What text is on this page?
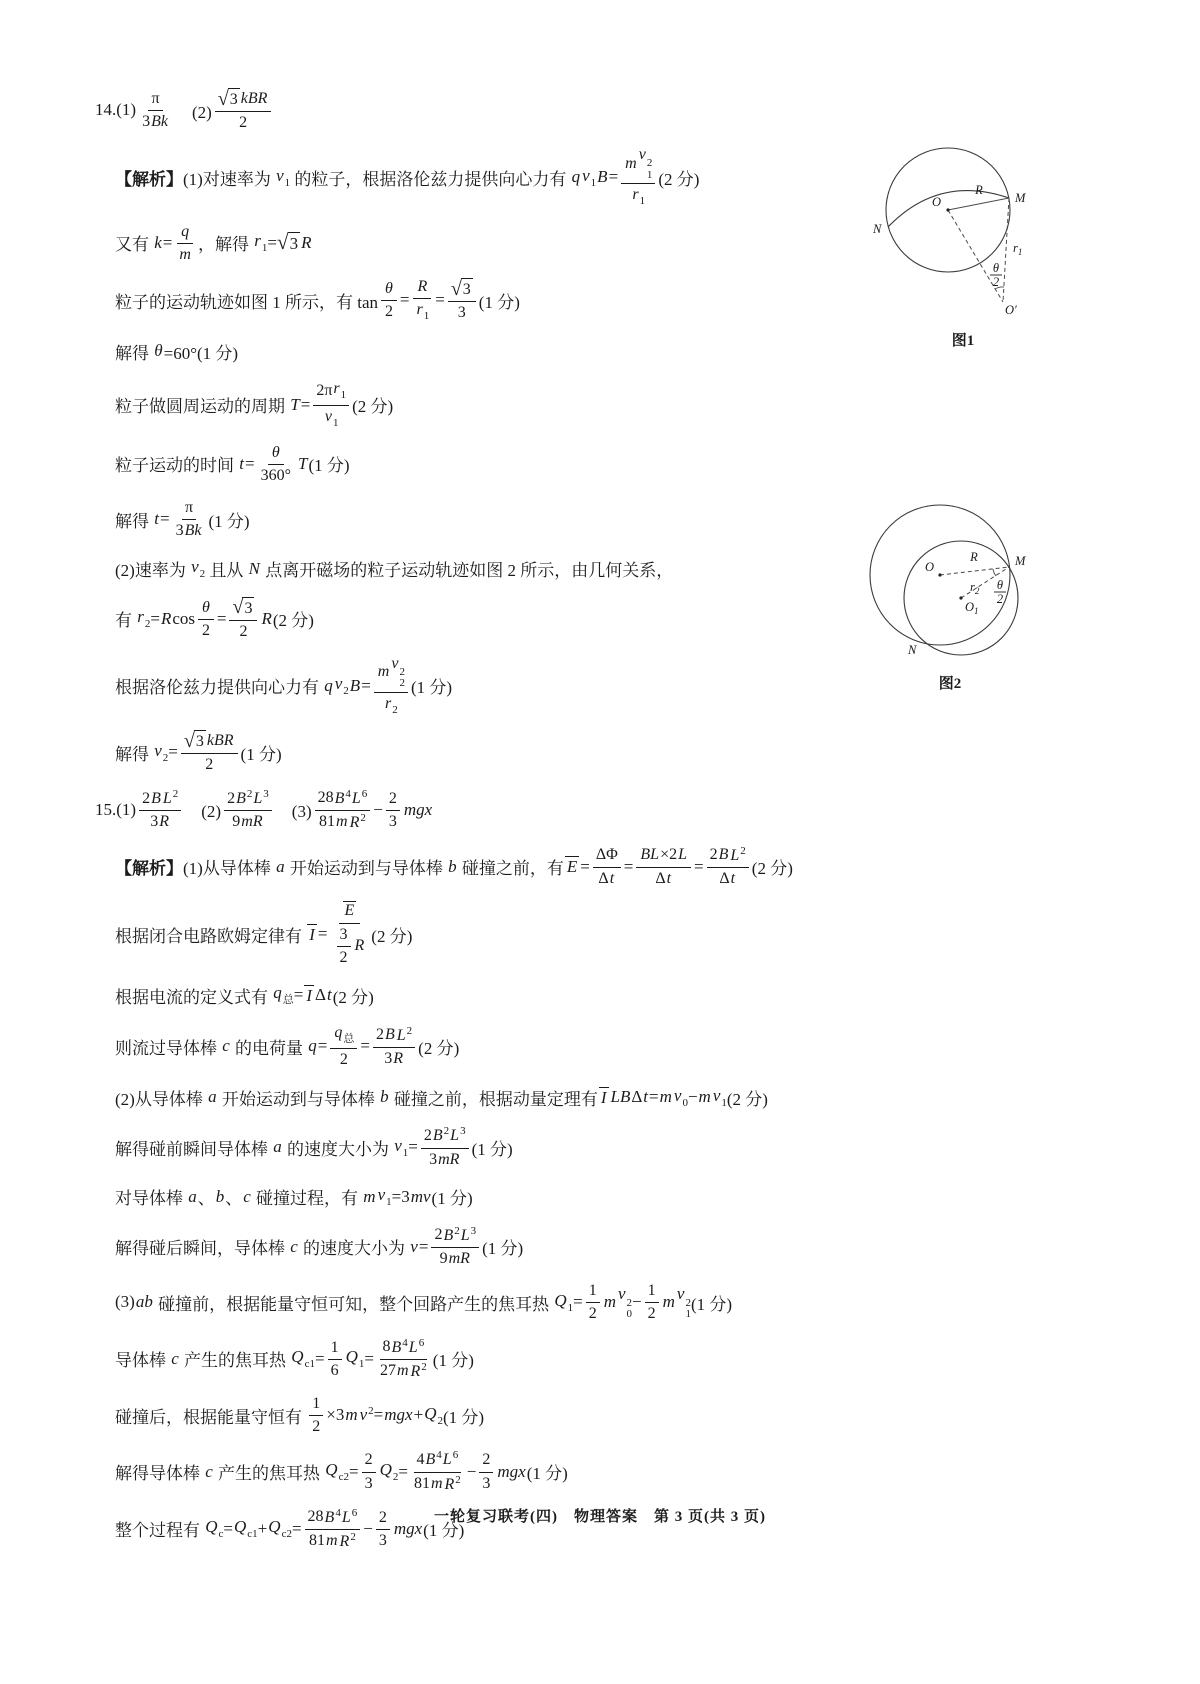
14.(1)
π
3 Bk 　(2)
√ 3 kBR
2
【解析】 (1)对速率为 $v_1$ 的粒子，根据洛伦兹力提供向心力有 q $v_1$ B = m v 2
1
$r_1$ (2 分)
又有 $k = \frac{q}{m}$ ，解得 $r_1$ = √ 3 R
粒子的运动轨迹如图 1 所示，有 $\tan \frac{\theta}{2} = \frac{R}{r_1} = \frac{√ 3}{3} (1$ 分)
解得 θ =60°(1 分)
粒子做圆周运动的周期 $T = \frac{2\pi r_1}{v_1} (2$ 分)
粒子运动的时间 $t = \frac{\theta}{360^\circ}$ T (1 分)
解得 $t = \frac{\pi}{3 Bk} (1$ 分)
(2)速率为 $v_2$ 且从 N 点离开磁场的粒子运动轨迹如图 2 所示，由几何关系，
有 $r_2 = R$ $\cos \frac{\theta}{2} = \frac{√ 3}{2}$ R (2 分)
根据洛伦兹力提供向心力有 q $v_2$ B = m v 2
2
$r_2$ (1 分)
解得 $v_2$ =
√ 3 kBR
2
(1 分)
15.(1)
2 B $L^2$
3 R
　(2)
2 $B^2$ $L^3$
9 mR
　(3)
28 $B^4$ $L^6$
81 m $R^2 - \frac{2}{3}$ mgx
【解析】 (1)从导体棒 a 开始运动到与导体棒 b 碰撞之前，有 $E = \frac{\Delta\Phi}{\text{Δ t}} = \frac{BL \times 2 L}{\text{Δ t}} = \frac{2 B L^2}{\text{Δ t}} (2$ 分)
根据闭合电路欧姆定律有 I = E
3
2
R (2 分)
根据电流的定义式有 $q_总 = I$ Δ t (2 分)
则流过导体棒 c 的电荷量 q =
$q_总$
2
= $\frac{2 B L^2}{3 R} (2$ 分)
(2)从导体棒 a 开始运动到与导体棒 b 碰撞之前，根据动量定理有 I LB Δ t = m $v_0 - m$ $v_1$ (2 分)
解得碰前瞬间导体棒 a 的速度大小为 $v_1 = \frac{2 B^2 L^3}{3 mR} (1$ 分)
对导体棒 a 、 b 、 c 碰撞过程，有 m $v_1 =3$ mv (1 分)
解得碰后瞬间，导体棒 c 的速度大小为 $v = \frac{2 B^2 L^3}{9 mR} (1$ 分)
(3) ab 碰撞前，根据能量守恒可知，整个回路产生的焦耳热 $Q_1 = \frac{1}{2}$ m v 2
0
− $\frac{1}{2}$ m v 2
1
(1 分)
导体棒 c 产生的焦耳热 $Q_{c1} = \frac{1}{6} Q_1 = \frac{8 B^4 L^6}{27 m R^2} (1$ 分)
碰撞后，根据能量守恒有 $\frac{1}{2} \times 3$ m $v^2$ = mgx + $Q_2$ (1 分)
解得导体棒 c 产生的焦耳热 $Q_{c2} = \frac{2}{3} Q_2 = \frac{4 B^4 L^6}{81 m R^2} - \frac{2}{3}$ mgx (1 分)
整个过程有 $Q_c = Q_{c1} + Q_{c2} = \frac{28 B^4 L^6}{81 m R^2} - \frac{2}{3}$ mgx (1 分)
O
R
M
N
$r_1$
θ
2
O′
图1
O
R	M
N
$r_2$ θ
2
$O_1$
图2
一轮复习联考(四)　物理答案　第 3 页(共 3 页)
